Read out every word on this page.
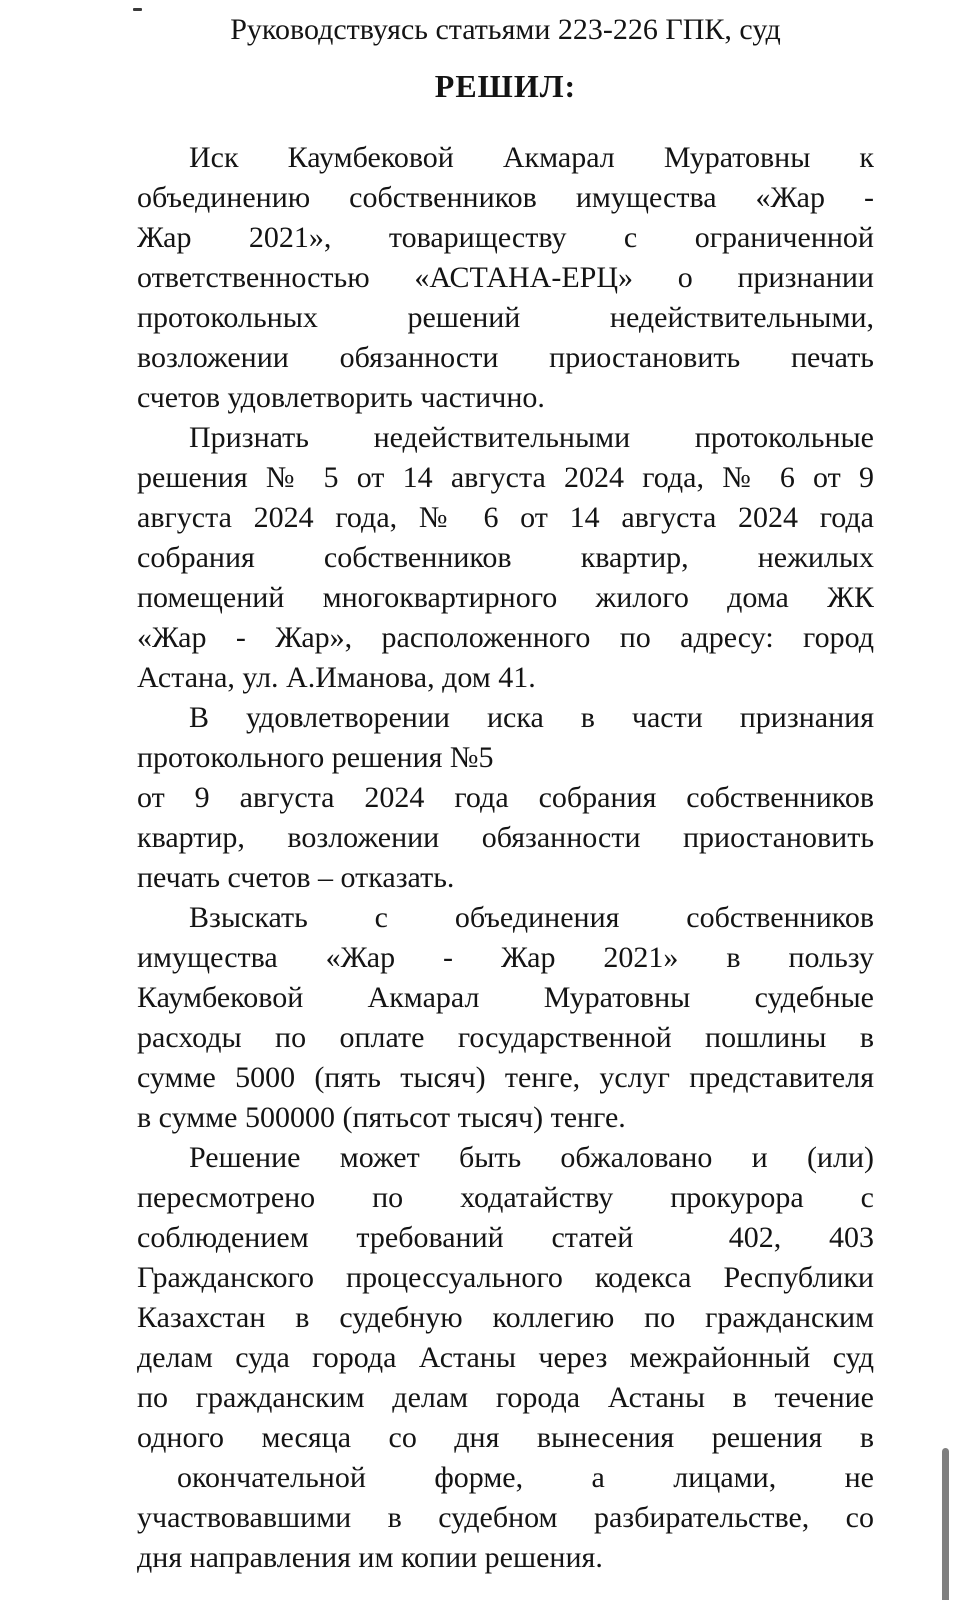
Руководствуясь статьями 223-226 ГПК, суд
РЕШИЛ:
Иск Каумбековой Акмарал Муратовны к
объединению собственников имущества «Жар -
Жар 2021», товариществу с ограниченной
ответственностью «АСТАНА-ЕРЦ» о признании
протокольных решений недействительными,
возложении обязанности приостановить печать
счетов удовлетворить частично.
Признать недействительными протокольные
решения № 5 от 14 августа 2024 года, № 6 от 9
августа 2024 года, № 6 от 14 августа 2024 года
собрания собственников квартир, нежилых
помещений многоквартирного жилого дома ЖК
«Жар - Жар», расположенного по адресу: город
Астана, ул. А.Иманова, дом 41.
В удовлетворении иска в части признания
протокольного решения №5
от 9 августа 2024 года собрания собственников
квартир, возложении обязанности приостановить
печать счетов – отказать.
Взыскать с объединения собственников
имущества «Жар - Жар 2021» в пользу
Каумбековой Акмарал Муратовны судебные
расходы по оплате государственной пошлины в
сумме 5000 (пять тысяч) тенге, услуг представителя
в сумме 500000 (пятьсот тысяч) тенге.
Решение может быть обжаловано и (или)
пересмотрено по ходатайству прокурора с
соблюдением требований статей  402, 403
Гражданского процессуального кодекса Республики
Казахстан в судебную коллегию по гражданским
делам суда города Астаны через межрайонный суд
по гражданским делам города Астаны в течение
одного месяца со дня вынесения решения в
окончательной форме, а лицами, не
участвовавшими в судебном разбирательстве, со
дня направления им копии решения.
